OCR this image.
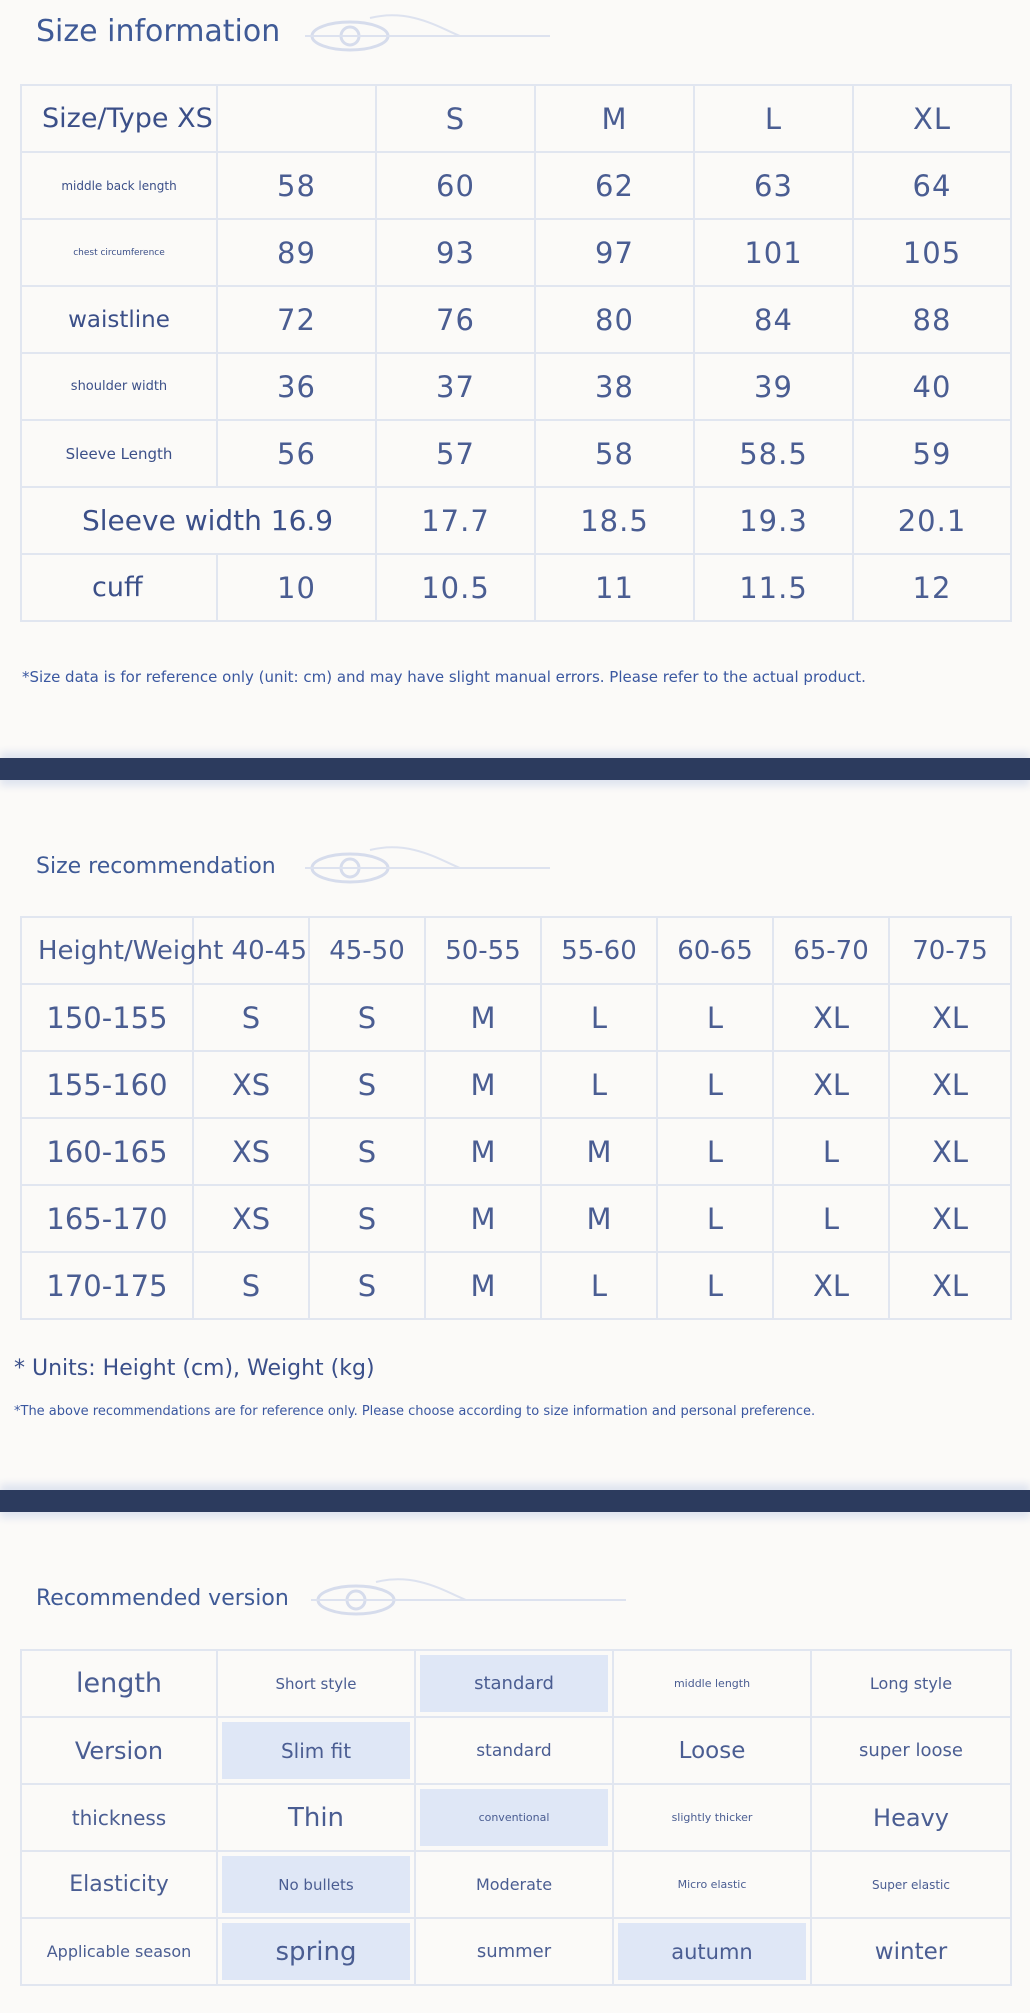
Size information
Size/Type XS		S	M	L	XL
middle back length	58	60	62	63	64
chest circumference	89	93	97	101	105
waistline	72	76	80	84	88
shoulder width	36	37	38	39	40
Sleeve Length	56	57	58	58.5	59
Sleeve width 16.9		17.7	18.5	19.3	20.1
cuff	10	10.5	11	11.5	12
*Size data is for reference only (unit: cm) and may have slight manual errors. Please refer to the actual product.
Size recommendation
Height/Weight 40-45		45-50	50-55	55-60	60-65	65-70	70-75
150-155	S	S	M	L	L	XL	XL
155-160	XS	S	M	L	L	XL	XL
160-165	XS	S	M	M	L	L	XL
165-170	XS	S	M	M	L	L	XL
170-175	S	S	M	L	L	XL	XL
* Units: Height (cm), Weight (kg)
*The above recommendations are for reference only. Please choose according to size information and personal preference.
Recommended version
length	Short style	standard	middle length	Long style
Version	Slim fit	standard	Loose	super loose
thickness	Thin	conventional	slightly thicker	Heavy
Elasticity	No bullets	Moderate	Micro elastic	Super elastic
Applicable season	spring	summer	autumn	winter
